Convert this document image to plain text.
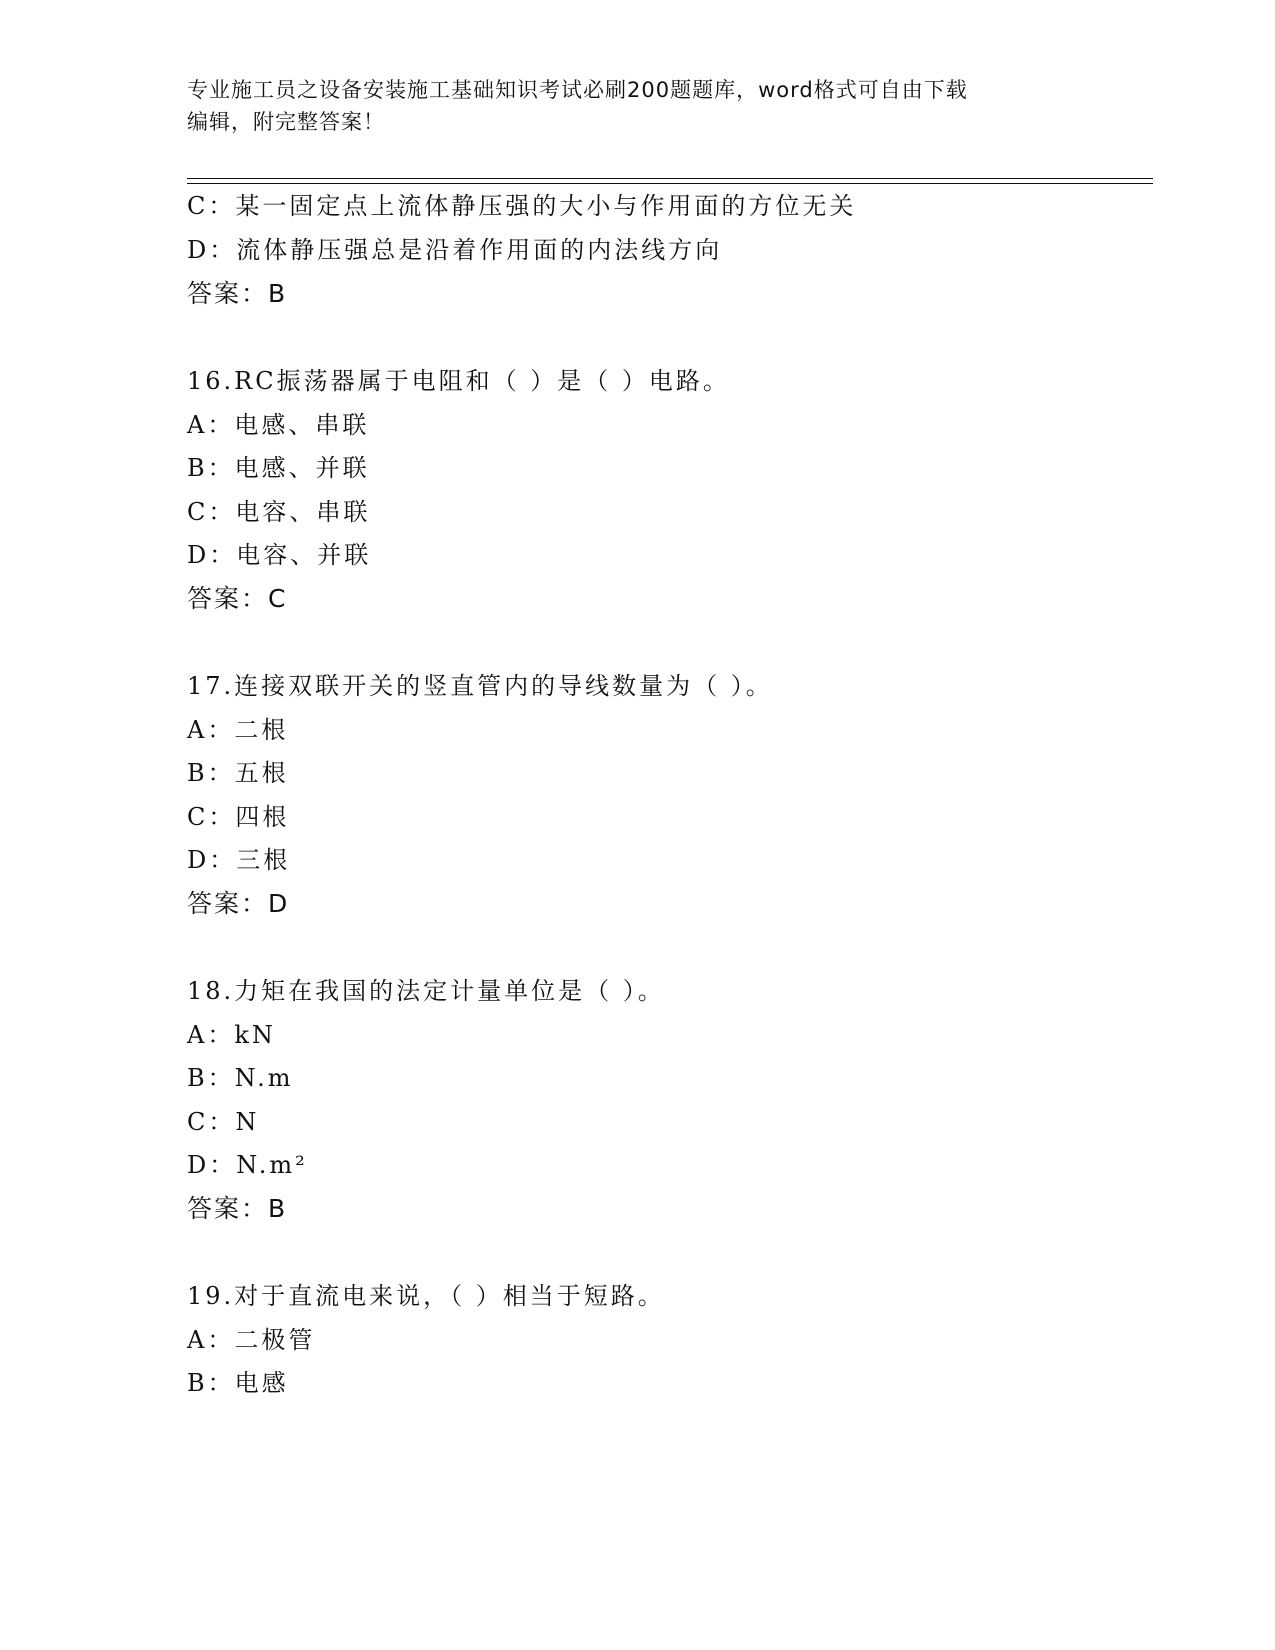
专业施工员之设备安装施工基础知识考试必刷200题题库，word格式可自由下载
编辑，附完整答案！
C：某一固定点上流体静压强的大小与作用面的方位无关
D：流体静压强总是沿着作用面的内法线方向
答案：B
16.RC振荡器属于电阻和（ ）是（ ）电路。
A：电感、串联
B：电感、并联
C：电容、串联
D：电容、并联
答案：C
17.连接双联开关的竖直管内的导线数量为（ ）。
A：二根
B：五根
C：四根
D：三根
答案：D
18.力矩在我国的法定计量单位是（ ）。
A：kN
B：N.m
C：N
D：N.m²
答案：B
19.对于直流电来说，（ ）相当于短路。
A：二极管
B：电感
